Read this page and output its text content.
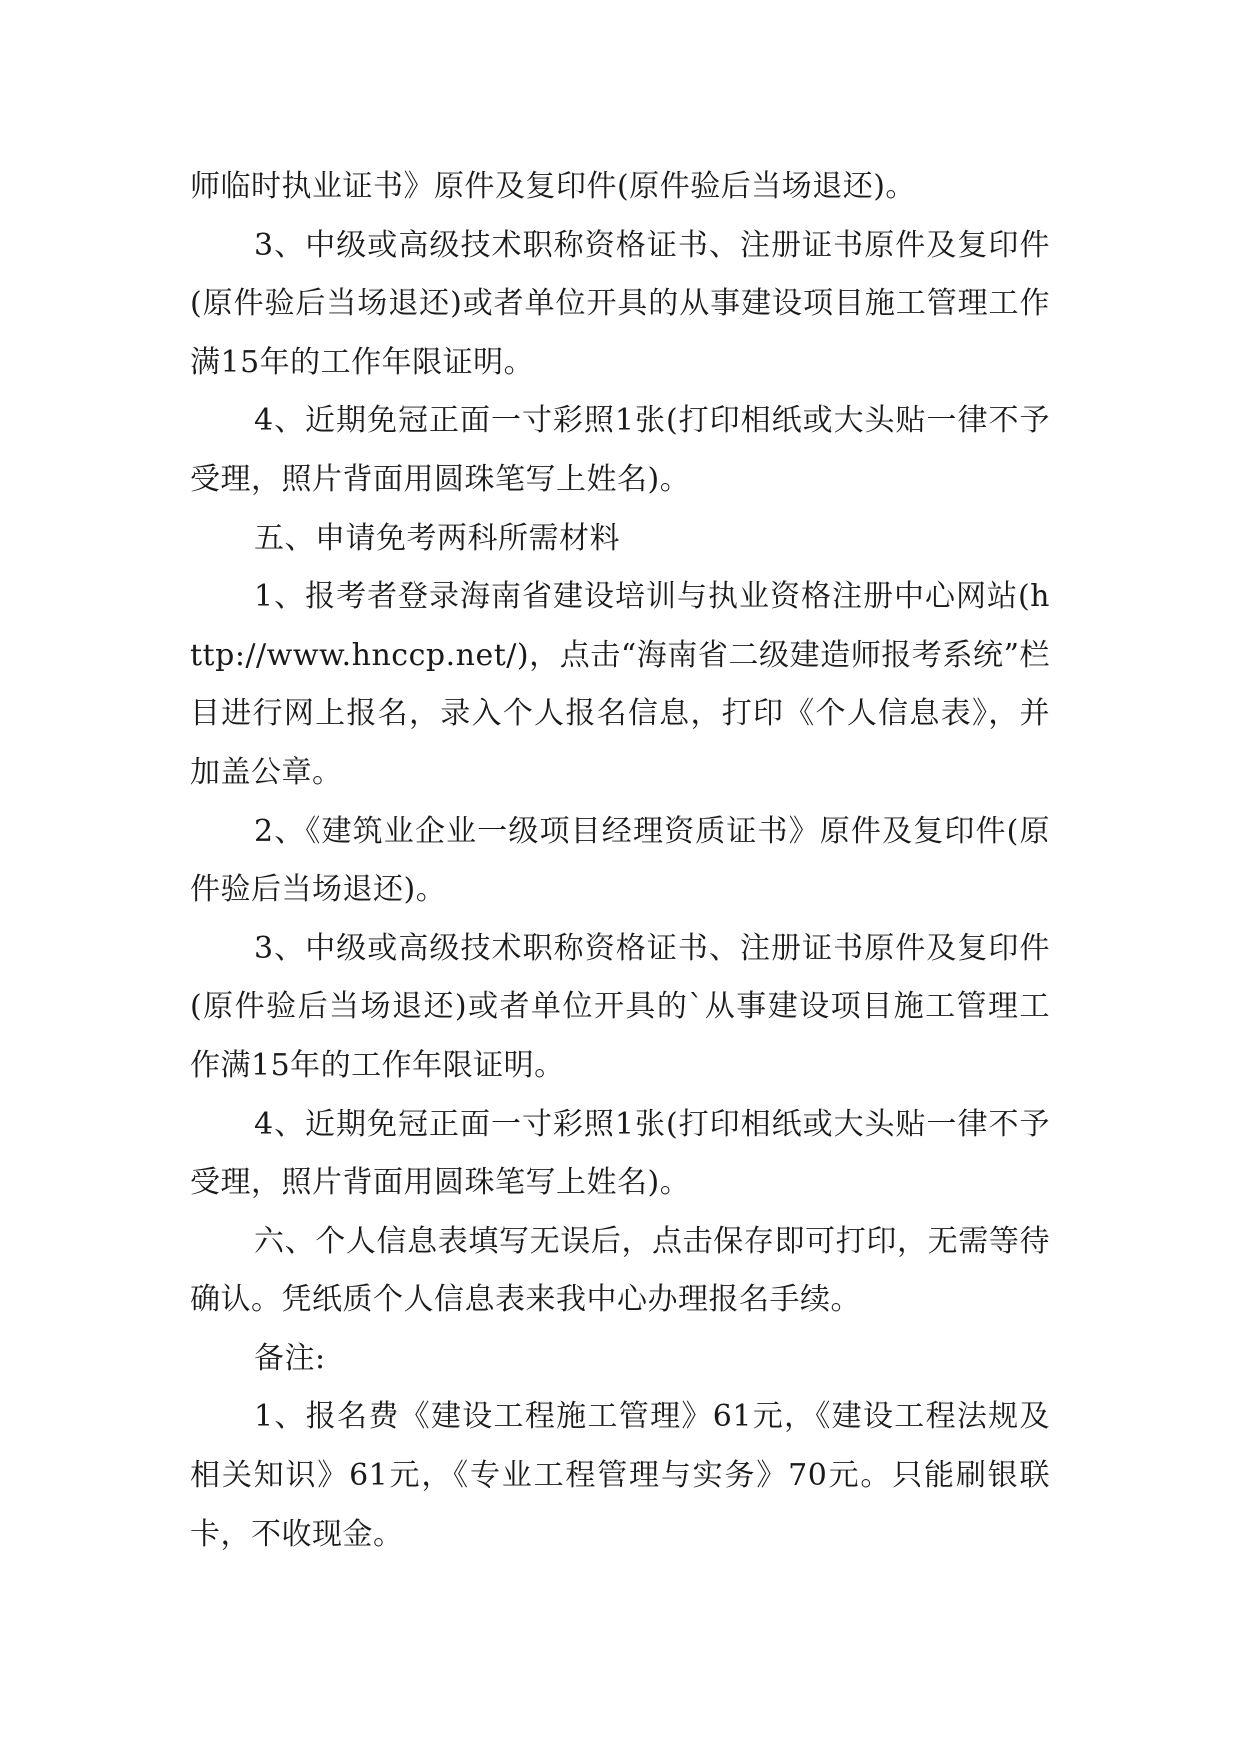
师临时执业证书》原件及复印件(原件验后当场退还)。

3、中级或高级技术职称资格证书、注册证书原件及复印件(原件验后当场退还)或者单位开具的从事建设项目施工管理工作满15年的工作年限证明。

4、近期免冠正面一寸彩照1张(打印相纸或大头贴一律不予受理，照片背面用圆珠笔写上姓名)。

五、申请免考两科所需材料

1、报考者登录海南省建设培训与执业资格注册中心网站(http://www.hnccp.net/)，点击“海南省二级建造师报考系统”栏目进行网上报名，录入个人报名信息，打印《个人信息表》，并加盖公章。

2、《建筑业企业一级项目经理资质证书》原件及复印件(原件验后当场退还)。

3、中级或高级技术职称资格证书、注册证书原件及复印件(原件验后当场退还)或者单位开具的`从事建设项目施工管理工作满15年的工作年限证明。

4、近期免冠正面一寸彩照1张(打印相纸或大头贴一律不予受理，照片背面用圆珠笔写上姓名)。

六、个人信息表填写无误后，点击保存即可打印，无需等待确认。凭纸质个人信息表来我中心办理报名手续。

备注:

1、报名费《建设工程施工管理》61元，《建设工程法规及相关知识》61元，《专业工程管理与实务》70元。只能刷银联卡，不收现金。
